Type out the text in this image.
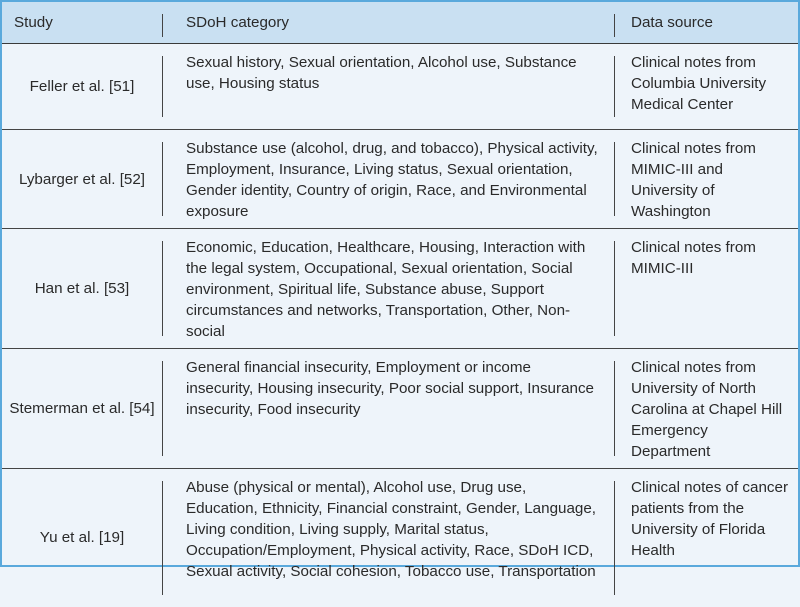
Study	SDoH category	Data source
Feller et al. [51]	Sexual history, Sexual orientation, Alcohol use, Substance use, Housing status	Clinical notes from Columbia University Medical Center
Lybarger et al. [52]	Substance use (alcohol, drug, and tobacco), Physical activity, Employment, Insurance, Living status, Sexual orientation, Gender identity, Country of origin, Race, and Environmental exposure	Clinical notes from MIMIC-III and University of Washington
Han et al. [53]	Economic, Education, Healthcare, Housing, Interaction with the legal system, Occupational, Sexual orientation, Social environment, Spiritual life, Substance abuse, Support circumstances and networks, Transportation, Other, Non-social	Clinical notes from MIMIC-III
Stemerman et al. [54]	General financial insecurity, Employment or income insecurity, Housing insecurity, Poor social support, Insurance insecurity, Food insecurity	Clinical notes from University of North Carolina at Chapel Hill Emergency Department
Yu et al. [19]	Abuse (physical or mental), Alcohol use, Drug use, Education, Ethnicity, Financial constraint, Gender, Language, Living condition, Living supply, Marital status, Occupation/Employment, Physical activity, Race, SDoH ICD, Sexual activity, Social cohesion, Tobacco use, Transportation	Clinical notes of cancer patients from the University of Florida Health
